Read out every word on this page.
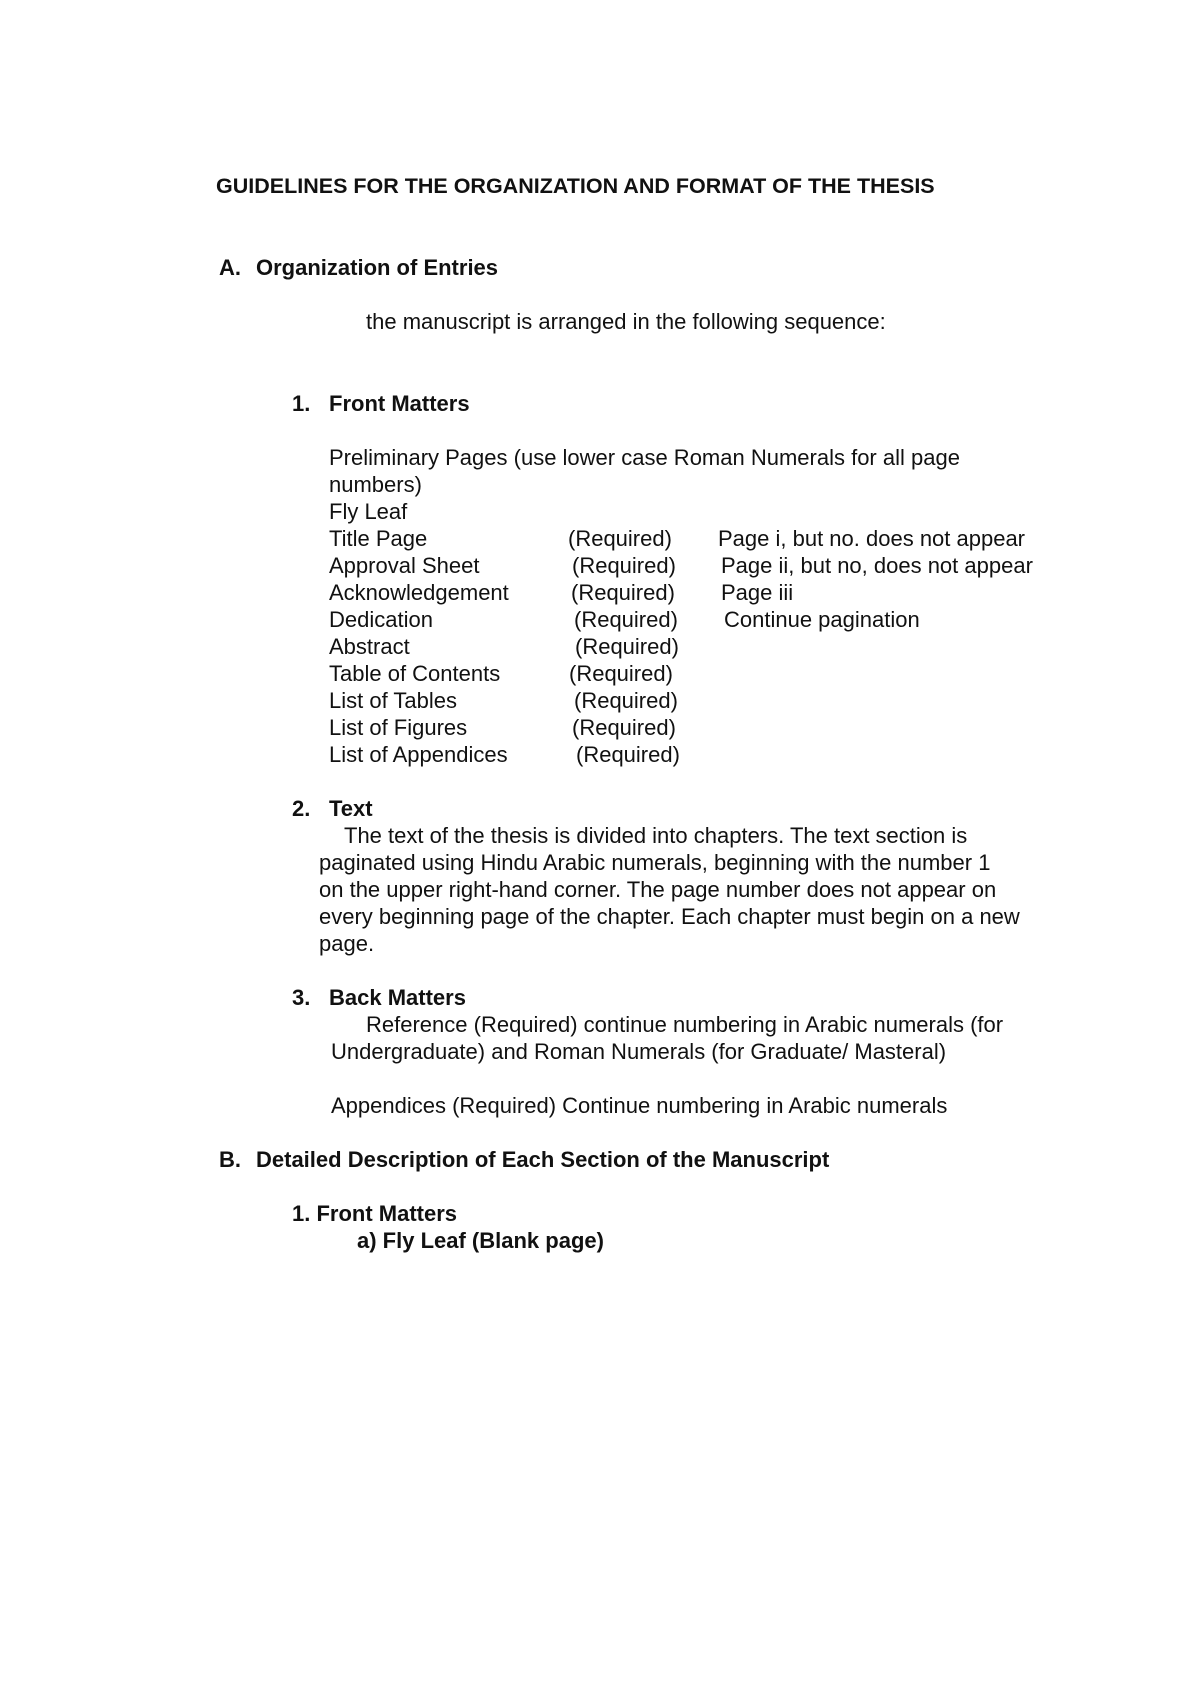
GUIDELINES FOR THE ORGANIZATION AND FORMAT OF THE THESIS
A. Organization of Entries
the manuscript is arranged in the following sequence:
1. Front Matters
Preliminary Pages (use lower case Roman Numerals for all page
numbers)
Fly Leaf
Title Page	(Required) Page i, but no. does not appear
Approval Sheet	(Required) Page ii, but no, does not appear
Acknowledgement	(Required) Page iii
Dedication	(Required) Continue pagination
Abstract	(Required)
Table of Contents	(Required)
List of Tables	(Required)
List of Figures	(Required)
List of Appendices	(Required)
2. Text
The text of the thesis is divided into chapters. The text section is
paginated using Hindu Arabic numerals, beginning with the number 1
on the upper right-hand corner. The page number does not appear on
every beginning page of the chapter. Each chapter must begin on a new
page.
3. Back Matters
Reference (Required) continue numbering in Arabic numerals (for
Undergraduate) and Roman Numerals (for Graduate/ Masteral)
Appendices (Required) Continue numbering in Arabic numerals
B. Detailed Description of Each Section of the Manuscript
1. Front Matters
a) Fly Leaf (Blank page)
